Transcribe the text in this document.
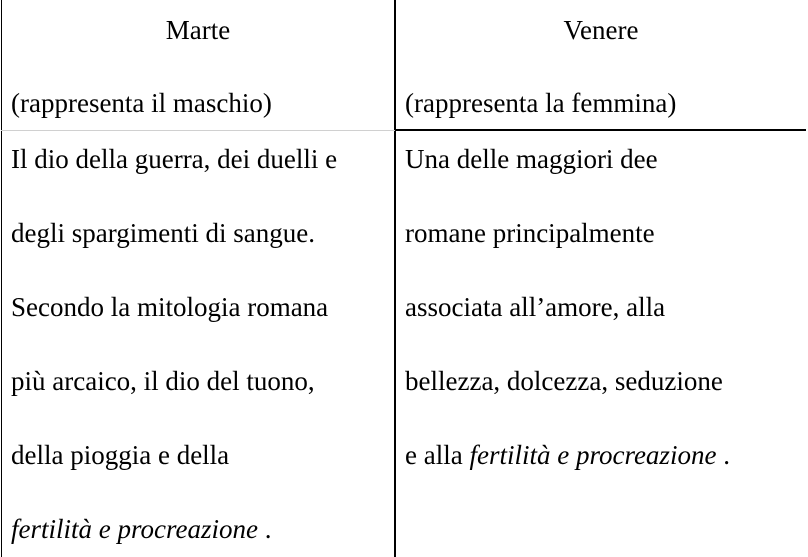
Marte
(rappresenta il maschio)
Venere
(rappresenta la femmina)
Il dio della guerra, dei duelli e
degli spargimenti di sangue.
Secondo la mitologia romana
più arcaico, il dio del tuono,
della pioggia e della
fertilità e procreazione .
Una delle maggiori dee
romane principalmente
associata all’amore, alla
bellezza, dolcezza, seduzione
e alla fertilità e procreazione .
